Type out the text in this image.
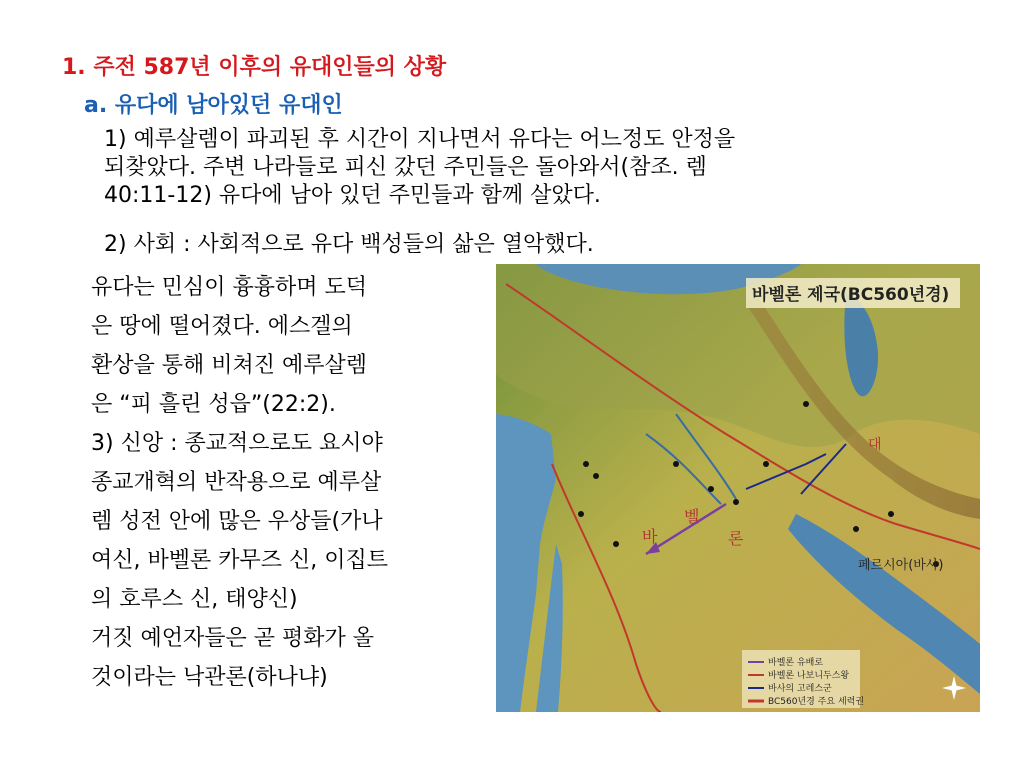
1. 주전 587년 이후의 유대인들의 상황
a. 유다에 남아있던 유대인
1) 예루살렘이 파괴된 후 시간이 지나면서 유다는 어느정도 안정을
되찾았다. 주변 나라들로 피신 갔던 주민들은 돌아와서(참조. 렘
40:11-12) 유다에 남아 있던 주민들과 함께 살았다.
2) 사회 : 사회적으로 유다 백성들의 삶은 열악했다.
유다는 민심이 흉흉하며 도덕
은 땅에 떨어졌다. 에스겔의
환상을 통해 비쳐진 예루살렘
은 “피 흘린 성읍”(22:2).
3) 신앙 : 종교적으로도 요시야
종교개혁의 반작용으로 예루살
렘 성전 안에 많은 우상들(가나
여신, 바벨론 카무즈 신, 이집트
의 호루스 신, 태양신)
거짓 예언자들은 곧 평화가 올
것이라는 낙관론(하나냐)
바벨론 제국(BC560년경)
바
벨
론
페르시아(바사)
대
바벨론 유배로
바벨론 나보니두스왕
바사의 고레스군
BC560년경 주요 세력권
